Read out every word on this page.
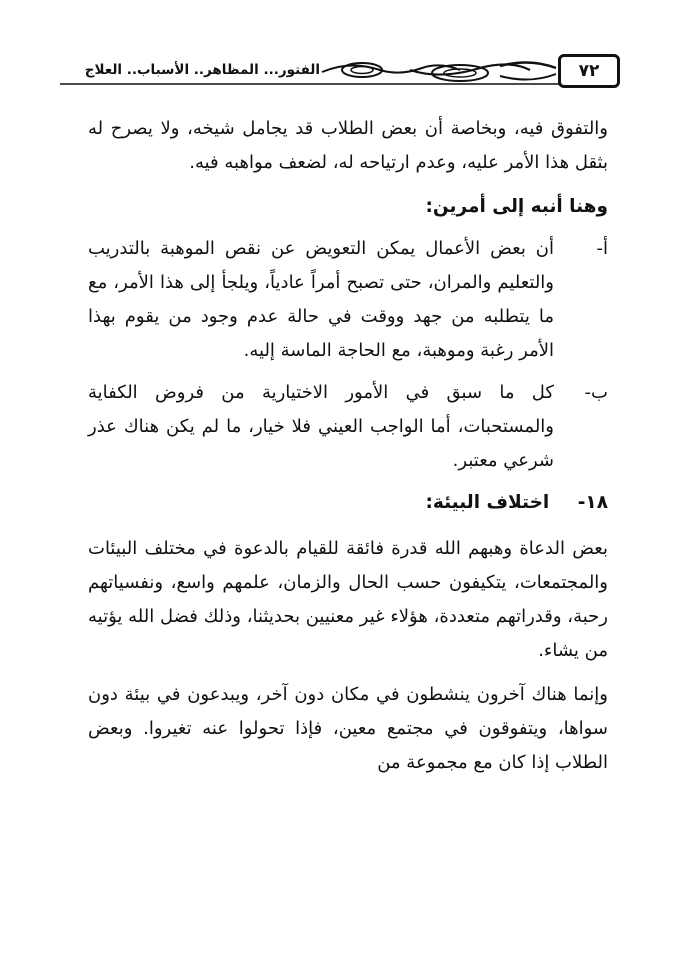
الفتور... المظاهر.. الأسباب.. العلاج	٧٢

والتفوق فيه، وبخاصة أن بعض الطلاب قد يجامل شيخه، ولا يصرح له بثقل هذا الأمر عليه، وعدم ارتياحه له، لضعف مواهبه فيه.

وهنا أنبه إلى أمرين:

أ-
أن بعض الأعمال يمكن التعويض عن نقص الموهبة بالتدريب والتعليم والمران، حتى تصبح أمراً عادياً، ويلجأ إلى هذا الأمر، مع ما يتطلبه من جهد ووقت في حالة عدم وجود من يقوم بهذا الأمر رغبة وموهبة، مع الحاجة الماسة إليه.

ب-
كل ما سبق في الأمور الاختيارية من فروض الكفاية والمستحبات، أما الواجب العيني فلا خيار، ما لم يكن هناك عذر شرعي معتبر.

١٨- اختلاف البيئة:

بعض الدعاة وهبهم الله قدرة فائقة للقيام بالدعوة في مختلف البيئات والمجتمعات، يتكيفون حسب الحال والزمان، علمهم واسع، ونفسياتهم رحبة، وقدراتهم متعددة، هؤلاء غير معنيين بحديثنا، وذلك فضل الله يؤتيه من يشاء.

وإنما هناك آخرون ينشطون في مكان دون آخر، ويبدعون في بيئة دون سواها، ويتفوقون في مجتمع معين، فإذا تحولوا عنه تغيروا. وبعض الطلاب إذا كان مع مجموعة من
